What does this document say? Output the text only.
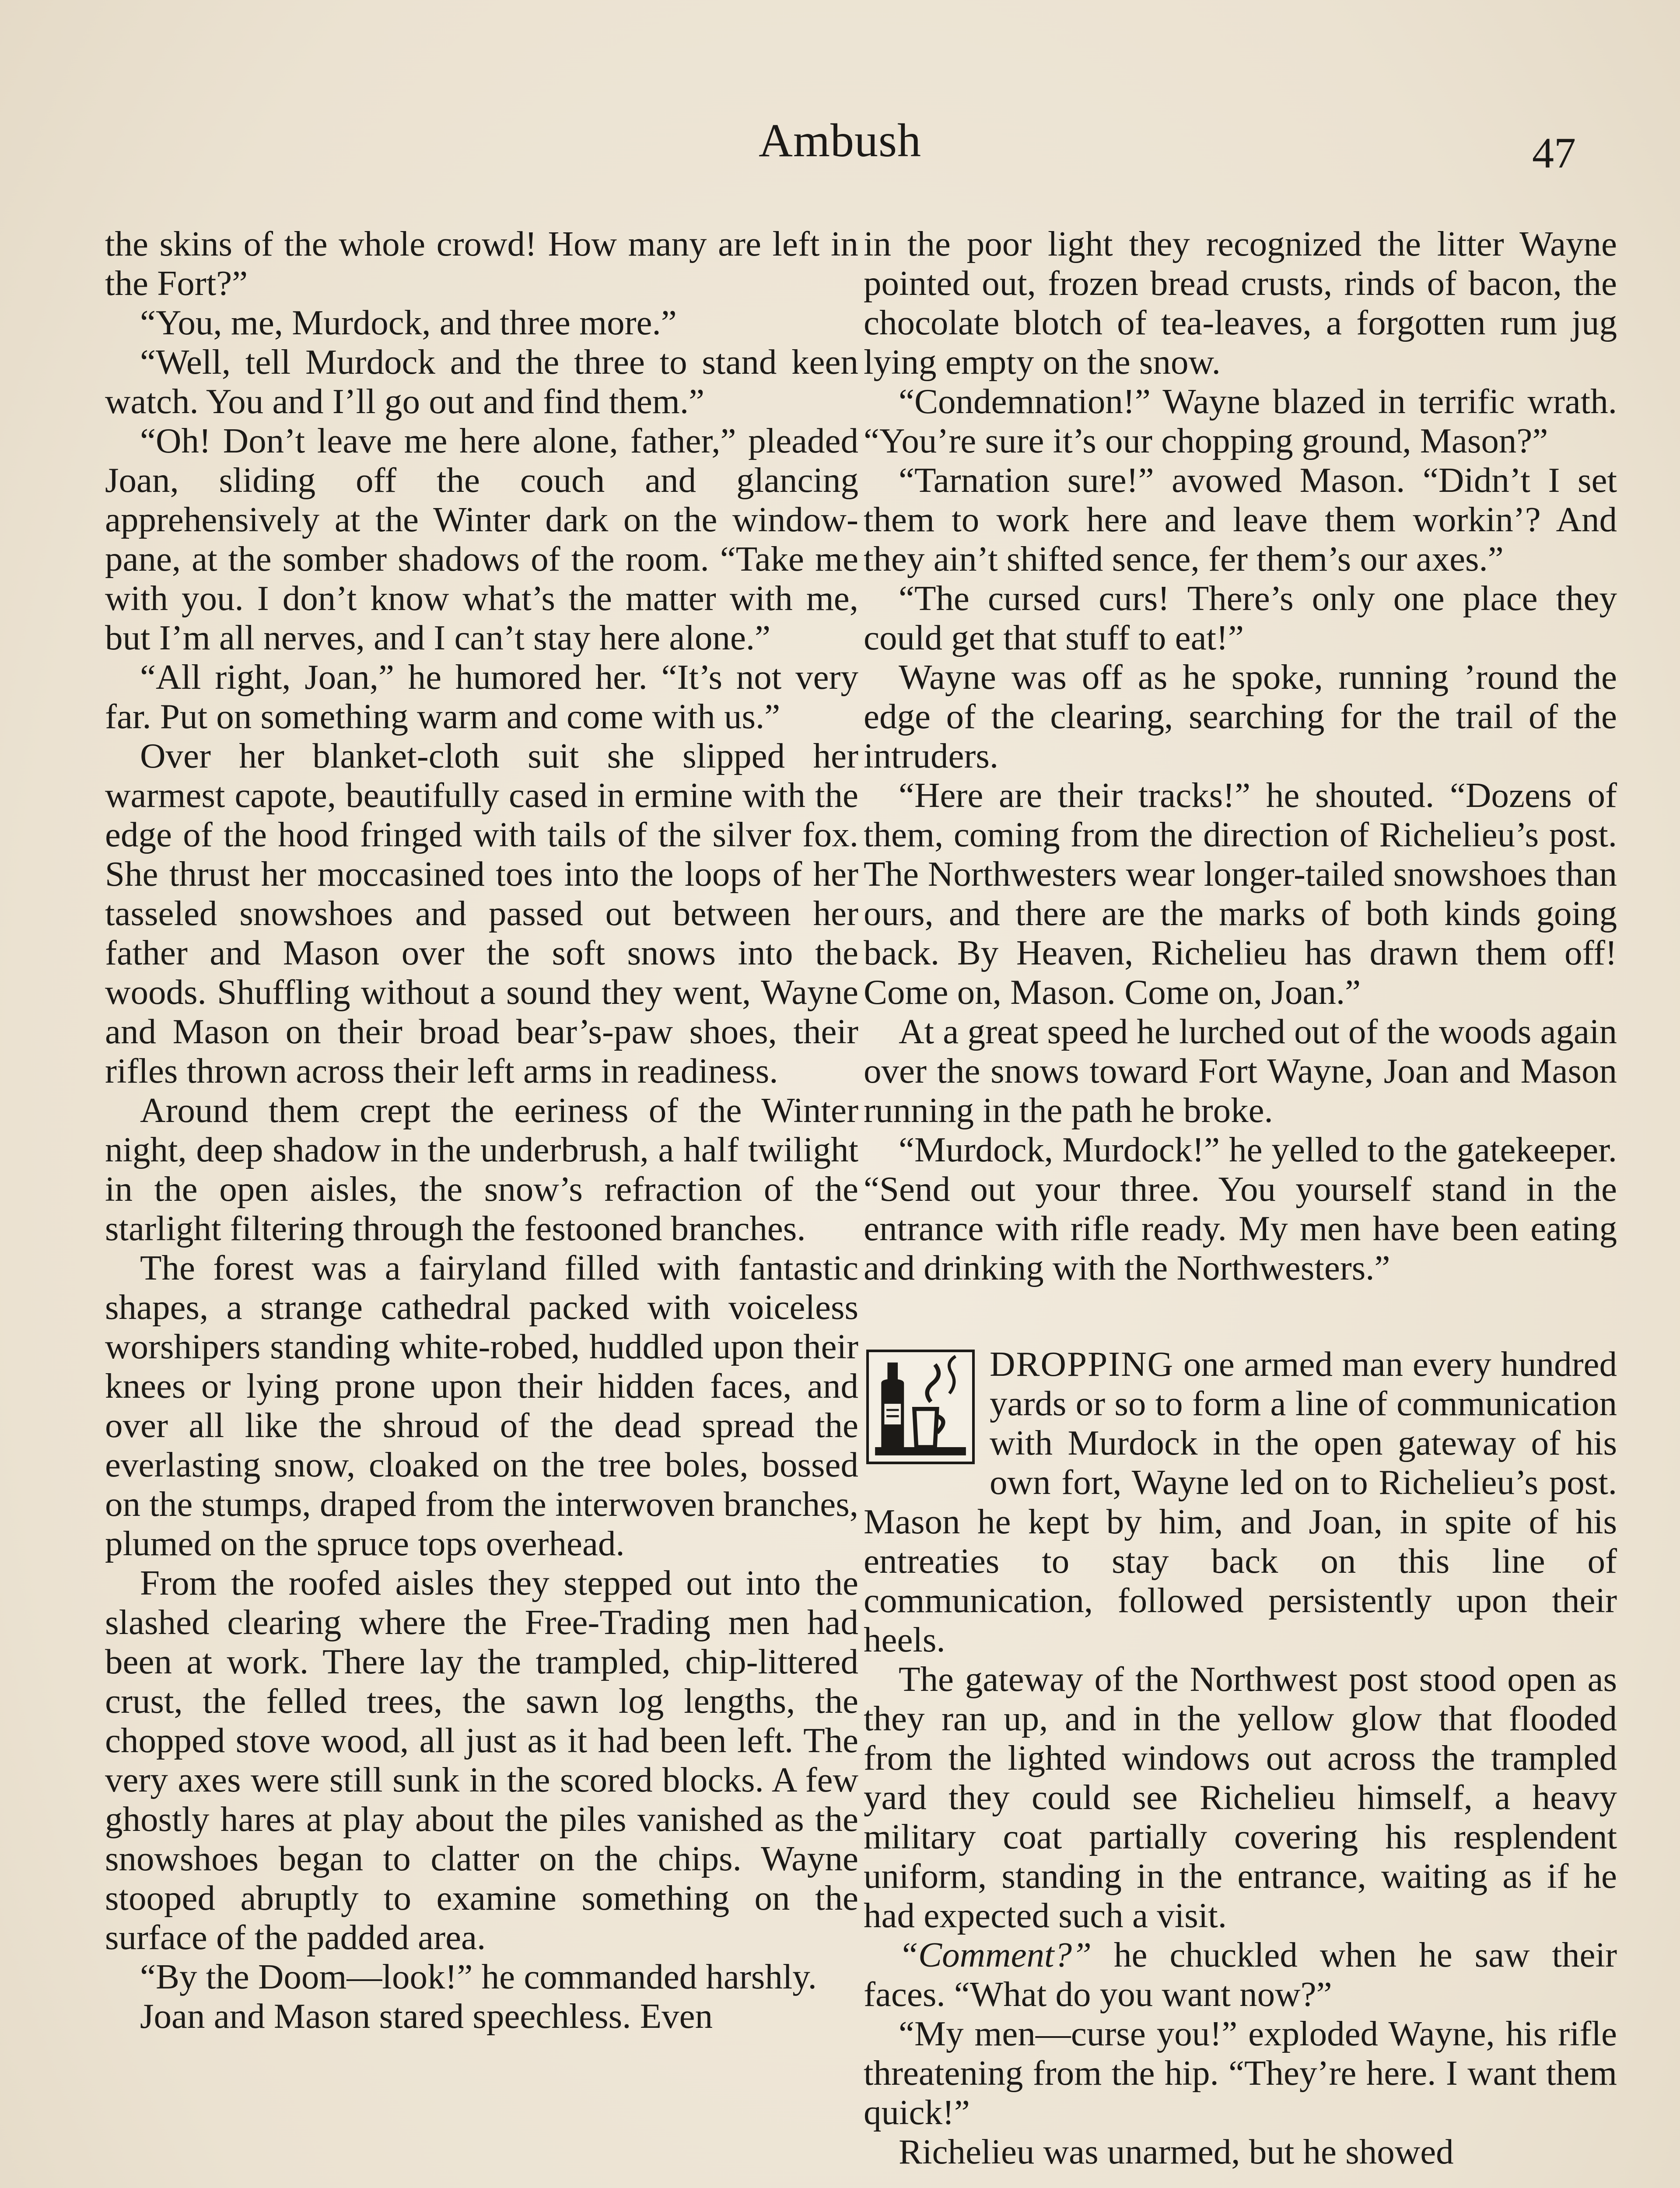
Ambush	47

the skins of the whole crowd! How many are left in the Fort?”

“You, me, Murdock, and three more.”

“Well, tell Murdock and the three to stand keen watch. You and I’ll go out and find them.”

“Oh! Don’t leave me here alone, father,” pleaded Joan, sliding off the couch and glancing apprehensively at the Winter dark on the window-pane, at the somber shadows of the room. “Take me with you. I don’t know what’s the matter with me, but I’m all nerves, and I can’t stay here alone.”

“All right, Joan,” he humored her. “It’s not very far. Put on something warm and come with us.”

Over her blanket-cloth suit she slipped her warmest capote, beautifully cased in ermine with the edge of the hood fringed with tails of the silver fox. She thrust her moccasined toes into the loops of her tasseled snowshoes and passed out between her father and Mason over the soft snows into the woods. Shuffling without a sound they went, Wayne and Mason on their broad bear’s-paw shoes, their rifles thrown across their left arms in readiness.

Around them crept the eeriness of the Winter night, deep shadow in the underbrush, a half twilight in the open aisles, the snow’s refraction of the starlight filtering through the festooned branches.

The forest was a fairyland filled with fantastic shapes, a strange cathedral packed with voiceless worshipers standing white-robed, huddled upon their knees or lying prone upon their hidden faces, and over all like the shroud of the dead spread the everlasting snow, cloaked on the tree boles, bossed on the stumps, draped from the interwoven branches, plumed on the spruce tops overhead.

From the roofed aisles they stepped out into the slashed clearing where the Free-Trading men had been at work. There lay the trampled, chip-littered crust, the felled trees, the sawn log lengths, the chopped stove wood, all just as it had been left. The very axes were still sunk in the scored blocks. A few ghostly hares at play about the piles vanished as the snowshoes began to clatter on the chips. Wayne stooped abruptly to examine something on the surface of the padded area.

“By the Doom—look!” he commanded harshly.

Joan and Mason stared speechless. Even

in the poor light they recognized the litter Wayne pointed out, frozen bread crusts, rinds of bacon, the chocolate blotch of tea-leaves, a forgotten rum jug lying empty on the snow.

“Condemnation!” Wayne blazed in terrific wrath. “You’re sure it’s our chopping ground, Mason?”

“Tarnation sure!” avowed Mason. “Didn’t I set them to work here and leave them workin’? And they ain’t shifted sence, fer them’s our axes.”

“The cursed curs! There’s only one place they could get that stuff to eat!”

Wayne was off as he spoke, running ’round the edge of the clearing, searching for the trail of the intruders.

“Here are their tracks!” he shouted. “Dozens of them, coming from the direction of Richelieu’s post. The Northwesters wear longer-tailed snowshoes than ours, and there are the marks of both kinds going back. By Heaven, Richelieu has drawn them off! Come on, Mason. Come on, Joan.”

At a great speed he lurched out of the woods again over the snows toward Fort Wayne, Joan and Mason running in the path he broke.

“Murdock, Murdock!” he yelled to the gatekeeper. “Send out your three. You yourself stand in the entrance with rifle ready. My men have been eating and drinking with the Northwesters.”

DROPPING one armed man every hundred yards or so to form a line of communication with Murdock in the open gateway of his own fort, Wayne led on to Richelieu’s post. Mason he kept by him, and Joan, in spite of his entreaties to stay back on this line of communication, followed persistently upon their heels.

The gateway of the Northwest post stood open as they ran up, and in the yellow glow that flooded from the lighted windows out across the trampled yard they could see Richelieu himself, a heavy military coat partially covering his resplendent uniform, standing in the entrance, waiting as if he had expected such a visit.

“Comment?” he chuckled when he saw their faces. “What do you want now?”

“My men—curse you!” exploded Wayne, his rifle threatening from the hip. “They’re here. I want them quick!”

Richelieu was unarmed, but he showed
